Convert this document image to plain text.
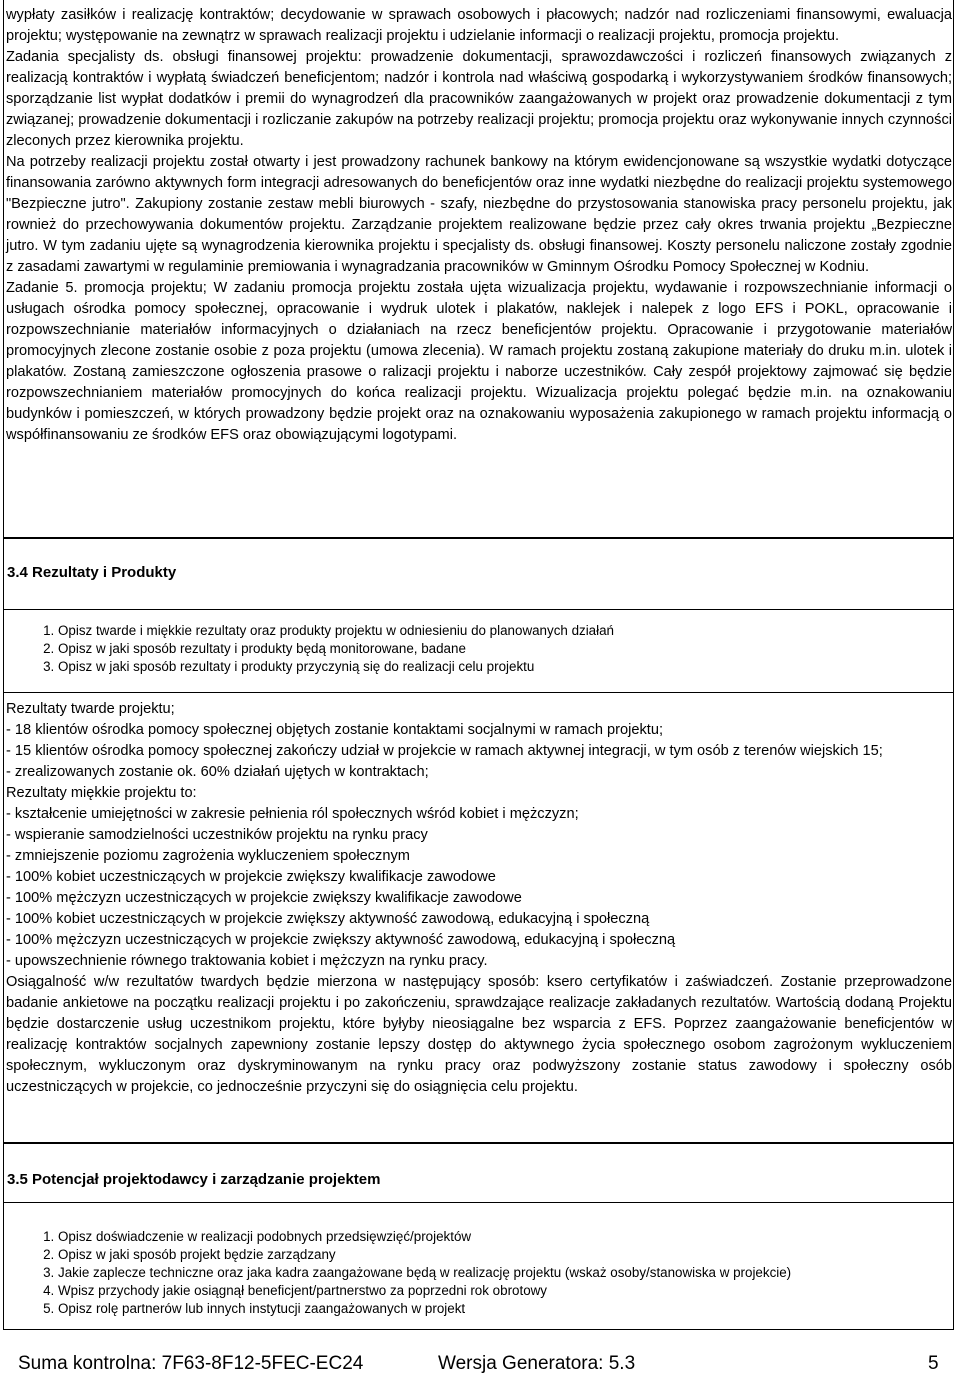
wypłaty zasiłków i realizację kontraktów; decydowanie w sprawach osobowych i płacowych; nadzór nad rozliczeniami finansowymi, ewaluacja projektu; występowanie na zewnątrz w sprawach realizacji projektu i udzielanie informacji o realizacji projektu, promocja projektu.

Zadania specjalisty ds. obsługi finansowej projektu: prowadzenie dokumentacji, sprawozdawczości i rozliczeń finansowych związanych z realizacją kontraktów i wypłatą świadczeń beneficjentom; nadzór i kontrola nad właściwą gospodarką i wykorzystywaniem środków finansowych; sporządzanie list wypłat dodatków i premii do wynagrodzeń dla pracowników zaangażowanych w projekt oraz prowadzenie dokumentacji z tym związanej; prowadzenie dokumentacji i rozliczanie zakupów na potrzeby realizacji projektu; promocja projektu oraz wykonywanie innych czynności zleconych przez kierownika projektu.

Na potrzeby realizacji projektu został otwarty i jest prowadzony rachunek bankowy na którym ewidencjonowane są wszystkie wydatki dotyczące finansowania zarówno aktywnych form integracji adresowanych do beneficjentów oraz inne wydatki niezbędne do realizacji projektu systemowego "Bezpieczne jutro". Zakupiony zostanie zestaw mebli biurowych - szafy, niezbędne do przystosowania stanowiska pracy personelu projektu, jak rownież do przechowywania dokumentów projektu. Zarządzanie projektem realizowane będzie przez cały okres trwania projektu „Bezpieczne jutro. W tym zadaniu ujęte są wynagrodzenia kierownika projektu i specjalisty ds. obsługi finansowej. Koszty personelu naliczone zostały zgodnie z zasadami zawartymi w regulaminie premiowania i wynagradzania pracowników w Gminnym Ośrodku Pomocy Społecznej w Kodniu.

Zadanie 5. promocja projektu; W zadaniu promocja projektu została ujęta wizualizacja projektu, wydawanie i rozpowszechnianie informacji o usługach ośrodka pomocy społecznej, opracowanie i wydruk ulotek i plakatów, naklejek i nalepek z logo EFS i POKL, opracowanie i rozpowszechnianie materiałów informacyjnych o działaniach na rzecz beneficjentów projektu. Opracowanie i przygotowanie materiałów promocyjnych zlecone zostanie osobie z poza projektu (umowa zlecenia). W ramach projektu zostaną zakupione materiały do druku m.in. ulotek i plakatów. Zostaną zamieszczone ogłoszenia prasowe o ralizacji projektu i naborze uczestników. Cały zespół projektowy zajmować się będzie rozpowszechnianiem materiałów promocyjnych do końca realizacji projektu. Wizualizacja projektu polegać będzie m.in. na oznakowaniu budynków i pomieszczeń, w których prowadzony będzie projekt oraz na oznakowaniu wyposażenia zakupionego w ramach projektu informacją o współfinansowaniu ze środków EFS oraz obowiązującymi logotypami.

3.4 Rezultaty i Produkty
1. Opisz twarde i miękkie rezultaty oraz produkty projektu w odniesieniu do planowanych działań
2. Opisz w jaki sposób rezultaty i produkty będą monitorowane, badane
3. Opisz w jaki sposób rezultaty i produkty przyczynią się do realizacji celu projektu
Rezultaty twarde projektu;
- 18 klientów ośrodka pomocy społecznej objętych zostanie kontaktami socjalnymi w ramach projektu;
- 15 klientów ośrodka pomocy społecznej zakończy udział w projekcie w ramach aktywnej integracji, w tym osób z terenów wiejskich 15;
- zrealizowanych zostanie ok. 60% działań ujętych w kontraktach;
Rezultaty miękkie projektu to:
- kształcenie umiejętności w zakresie pełnienia ról społecznych wśród kobiet i mężczyzn;
- wspieranie samodzielności uczestników projektu na rynku pracy
- zmniejszenie poziomu zagrożenia wykluczeniem społecznym
- 100% kobiet uczestniczących w projekcie zwiększy kwalifikacje zawodowe
- 100% mężczyzn uczestniczących w projekcie zwiększy kwalifikacje zawodowe
- 100% kobiet uczestniczących w projekcie zwiększy aktywność zawodową, edukacyjną i społeczną
- 100% mężczyzn uczestniczących w projekcie zwiększy aktywność zawodową, edukacyjną i społeczną
- upowszechnienie równego traktowania kobiet i mężczyzn na rynku pracy.
Osiągalność w/w rezultatów twardych będzie mierzona w następujący sposób: ksero certyfikatów i zaświadczeń. Zostanie przeprowadzone badanie ankietowe na początku realizacji projektu i po zakończeniu, sprawdzające realizacje zakładanych rezultatów. Wartością dodaną Projektu będzie dostarczenie usług uczestnikom projektu, które byłyby nieosiągalne bez wsparcia z EFS. Poprzez zaangażowanie beneficjentów w realizację kontraktów socjalnych zapewniony zostanie lepszy dostęp do aktywnego życia społecznego osobom zagrożonym wykluczeniem społecznym, wykluczonym oraz dyskryminowanym na rynku pracy oraz podwyższony zostanie status zawodowy i społeczny osób uczestniczących w projekcie, co jednocześnie przyczyni się do osiągnięcia celu projektu.
3.5 Potencjał projektodawcy i zarządzanie projektem
1. Opisz doświadczenie w realizacji podobnych przedsięwzięć/projektów
2. Opisz w jaki sposób projekt będzie zarządzany
3. Jakie zaplecze techniczne oraz jaka kadra zaangażowane będą w realizację projektu (wskaż osoby/stanowiska w projekcie)
4. Wpisz przychody jakie osiągnął beneficjent/partnerstwo za poprzedni rok obrotowy
5. Opisz rolę partnerów lub innych instytucji zaangażowanych w projekt
Suma kontrolna: 7F63-8F12-5FEC-EC24	Wersja Generatora: 5.3	5
